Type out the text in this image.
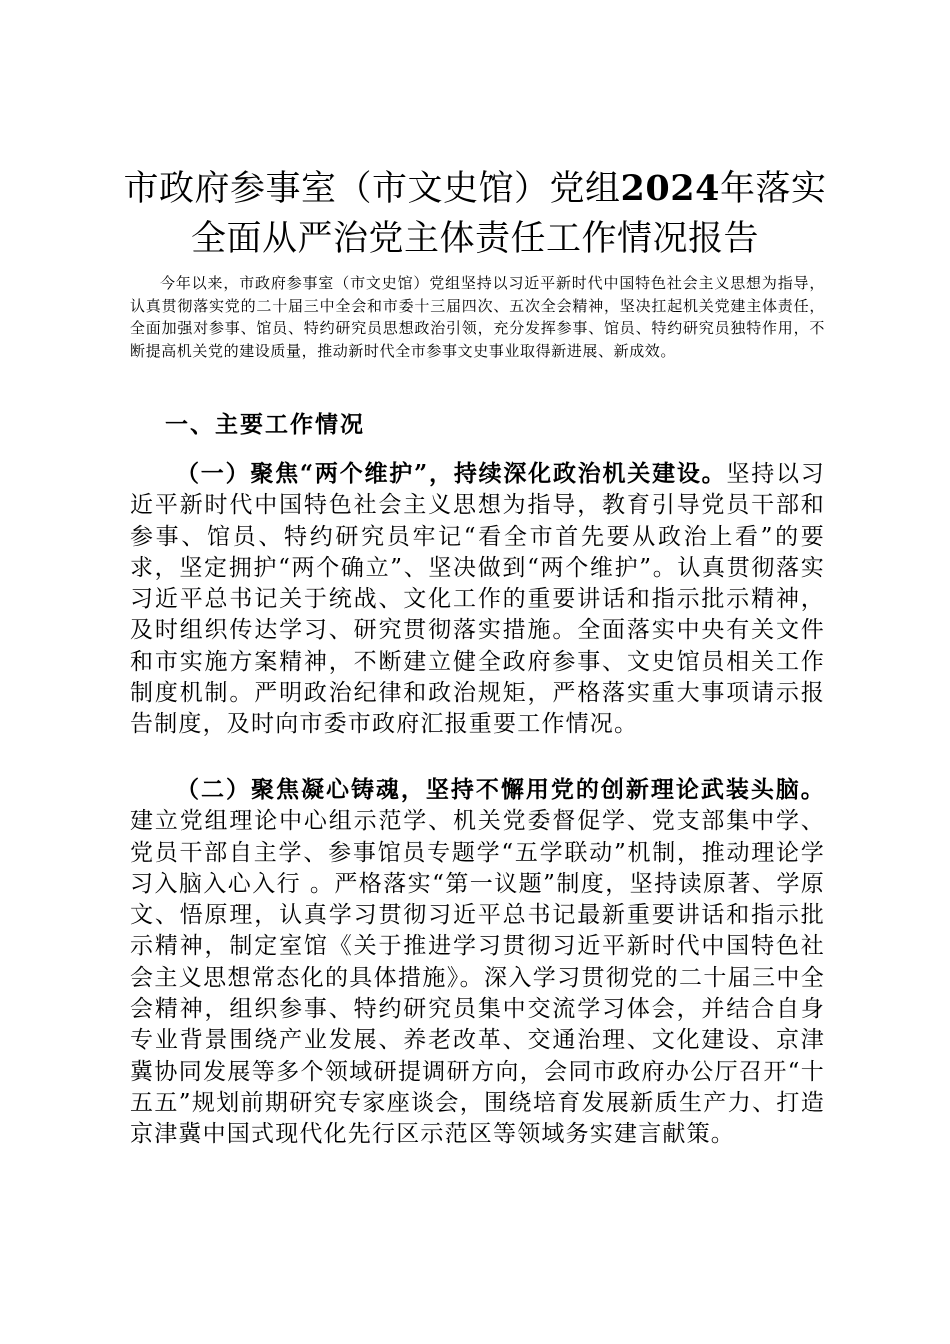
市政府参事室（市文史馆）党组2024年落实
全面从严治党主体责任工作情况报告

今年以来，市政府参事室（市文史馆）党组坚持以习近平新时代中国特色社会主义思想为指导，认真贯彻落实党的二十届三中全会和市委十三届四次、五次全会精神，坚决扛起机关党建主体责任，全面加强对参事、馆员、特约研究员思想政治引领，充分发挥参事、馆员、特约研究员独特作用，不断提高机关党的建设质量，推动新时代全市参事文史事业取得新进展、新成效。

一、主要工作情况

（一）聚焦“两个维护”，持续深化政治机关建设。坚持以习近平新时代中国特色社会主义思想为指导，教育引导党员干部和参事、馆员、特约研究员牢记“看全市首先要从政治上看”的要求，坚定拥护“两个确立”、坚决做到“两个维护”。认真贯彻落实习近平总书记关于统战、文化工作的重要讲话和指示批示精神，及时组织传达学习、研究贯彻落实措施。全面落实中央有关文件和市实施方案精神，不断建立健全政府参事、文史馆员相关工作制度机制。严明政治纪律和政治规矩，严格落实重大事项请示报告制度，及时向市委市政府汇报重要工作情况。

（二）聚焦凝心铸魂，坚持不懈用党的创新理论武装头脑。建立党组理论中心组示范学、机关党委督促学、党支部集中学、党员干部自主学、参事馆员专题学“五学联动”机制，推动理论学习入脑入心入行 。严格落实“第一议题”制度，坚持读原著、学原文、悟原理，认真学习贯彻习近平总书记最新重要讲话和指示批示精神，制定室馆《关于推进学习贯彻习近平新时代中国特色社会主义思想常态化的具体措施》。深入学习贯彻党的二十届三中全会精神，组织参事、特约研究员集中交流学习体会，并结合自身专业背景围绕产业发展、养老改革、交通治理、文化建设、京津冀协同发展等多个领域研提调研方向，会同市政府办公厅召开“十五五”规划前期研究专家座谈会，围绕培育发展新质生产力、打造京津冀中国式现代化先行区示范区等领域务实建言献策。
